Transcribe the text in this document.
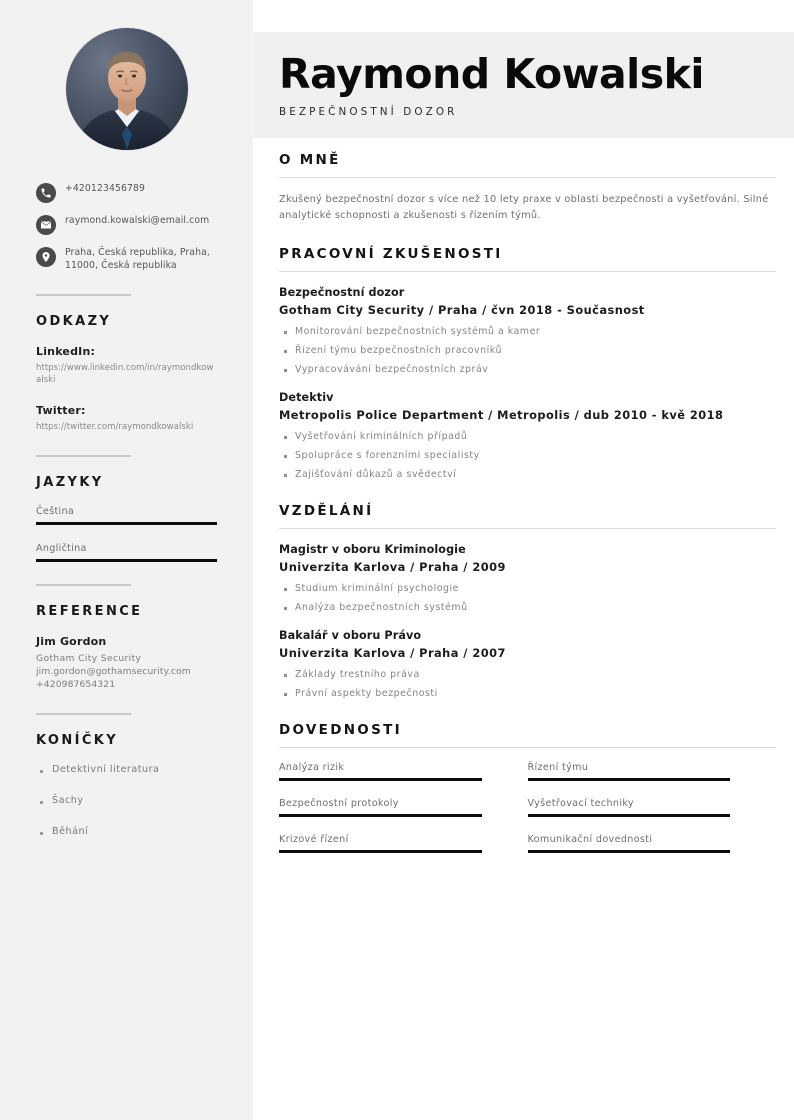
+420123456789
raymond.kowalski@email.com
Praha, Česká republika, Praha, 11000, Česká republika
ODKAZY
LinkedIn:
https://www.linkedin.com/in/raymondkowalski
Twitter:
https://twitter.com/raymondkowalski
JAZYKY
Čeština
Angličtina
REFERENCE
Jim Gordon
Gotham City Security
jim.gordon@gothamsecurity.com
+420987654321
KONÍČKY
Detektivní literatura
Šachy
Běhání
Raymond Kowalski
BEZPEČNOSTNÍ DOZOR
O MNĚ

Zkušený bezpečnostní dozor s více než 10 lety praxe v oblasti bezpečnosti a vyšetřování. Silné analytické schopnosti a zkušenosti s řízením týmů.

PRACOVNÍ ZKUŠENOSTI
Bezpečnostní dozor
Gotham City Security / Praha / čvn 2018 - Současnost
Monitorování bezpečnostních systémů a kamer
Řízení týmu bezpečnostních pracovníků
Vypracovávání bezpečnostních zpráv
Detektiv
Metropolis Police Department / Metropolis / dub 2010 - kvě 2018
Vyšetřování kriminálních případů
Spolupráce s forenzními specialisty
Zajišťování důkazů a svědectví
VZDĚLÁNÍ
Magistr v oboru Kriminologie
Univerzita Karlova / Praha / 2009
Studium kriminální psychologie
Analýza bezpečnostních systémů
Bakalář v oboru Právo
Univerzita Karlova / Praha / 2007
Základy trestního práva
Právní aspekty bezpečnosti
DOVEDNOSTI
Analýza rizik	Řízení týmu
Bezpečnostní protokoly	Vyšetřovací techniky
Krizové řízení	Komunikační dovednosti
